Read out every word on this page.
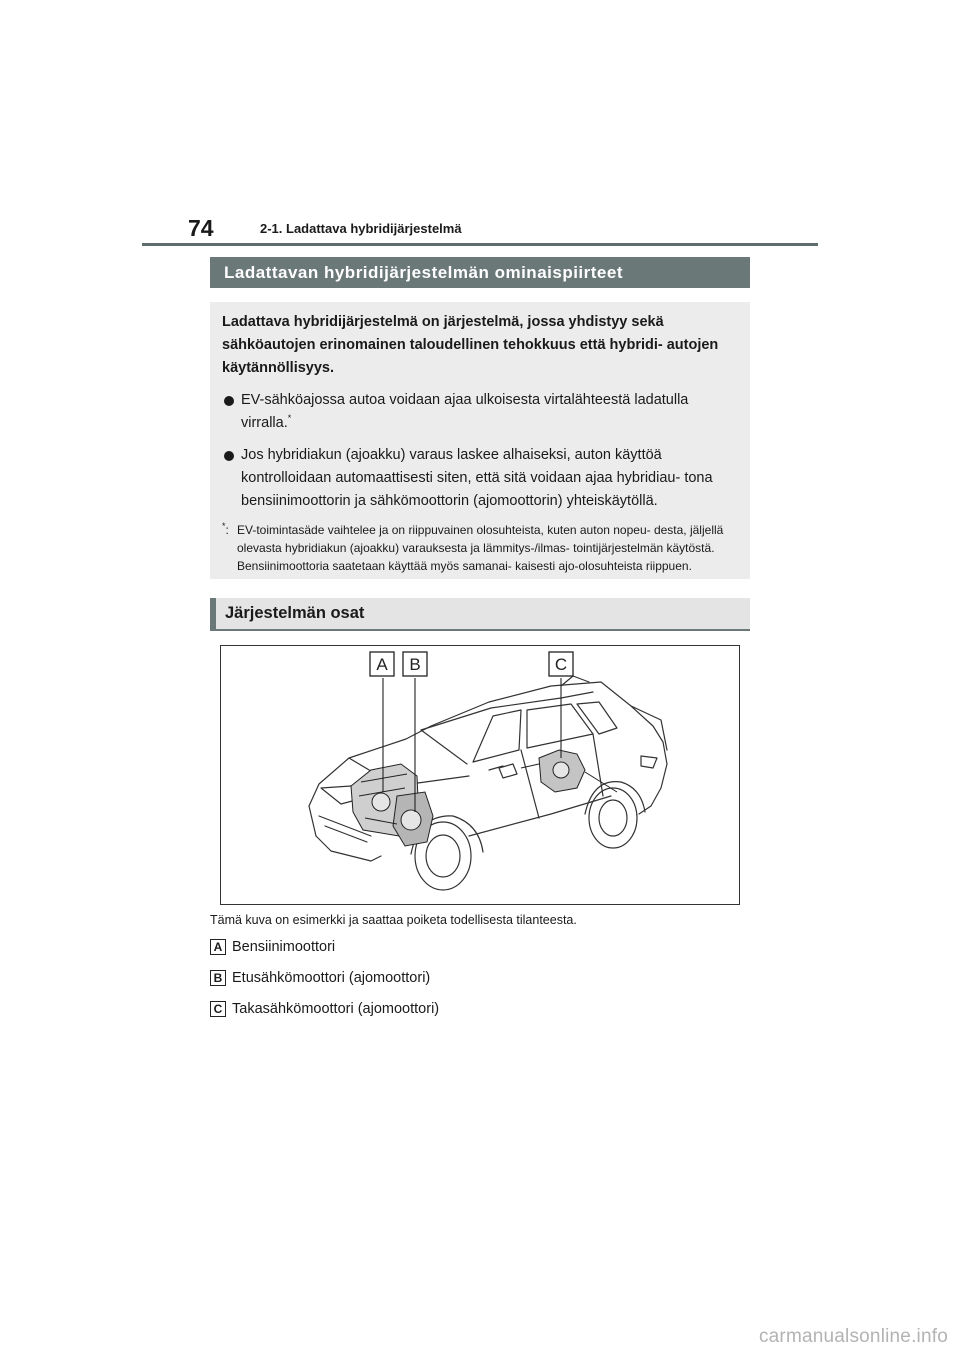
74	2-1. Ladattava hybridijärjestelmä
Ladattavan hybridijärjestelmän ominaispiirteet

Ladattava hybridijärjestelmä on järjestelmä, jossa yhdistyy sekä sähköautojen erinomainen taloudellinen tehokkuus että hybridi- autojen käytännöllisyys.

EV-sähköajossa autoa voidaan ajaa ulkoisesta virtalähteestä ladatulla virralla.*
Jos hybridiakun (ajoakku) varaus laskee alhaiseksi, auton käyttöä kontrolloidaan automaattisesti siten, että sitä voidaan ajaa hybridiau- tona bensiinimoottorin ja sähkömoottorin (ajomoottorin) yhteiskäytöllä.
*: EV-toimintasäde vaihtelee ja on riippuvainen olosuhteista, kuten auton nopeu- desta, jäljellä olevasta hybridiakun (ajoakku) varauksesta ja lämmitys-/ilmas- tointijärjestelmän käytöstä. Bensiinimoottoria saatetaan käyttää myös samanai- kaisesti ajo-olosuhteista riippuen.
Järjestelmän osat
A B	C
Tämä kuva on esimerkki ja saattaa poiketa todellisesta tilanteesta.
A Bensiinimoottori
B Etusähkömoottori (ajomoottori)
C Takasähkömoottori (ajomoottori)
carmanualsonline.info
